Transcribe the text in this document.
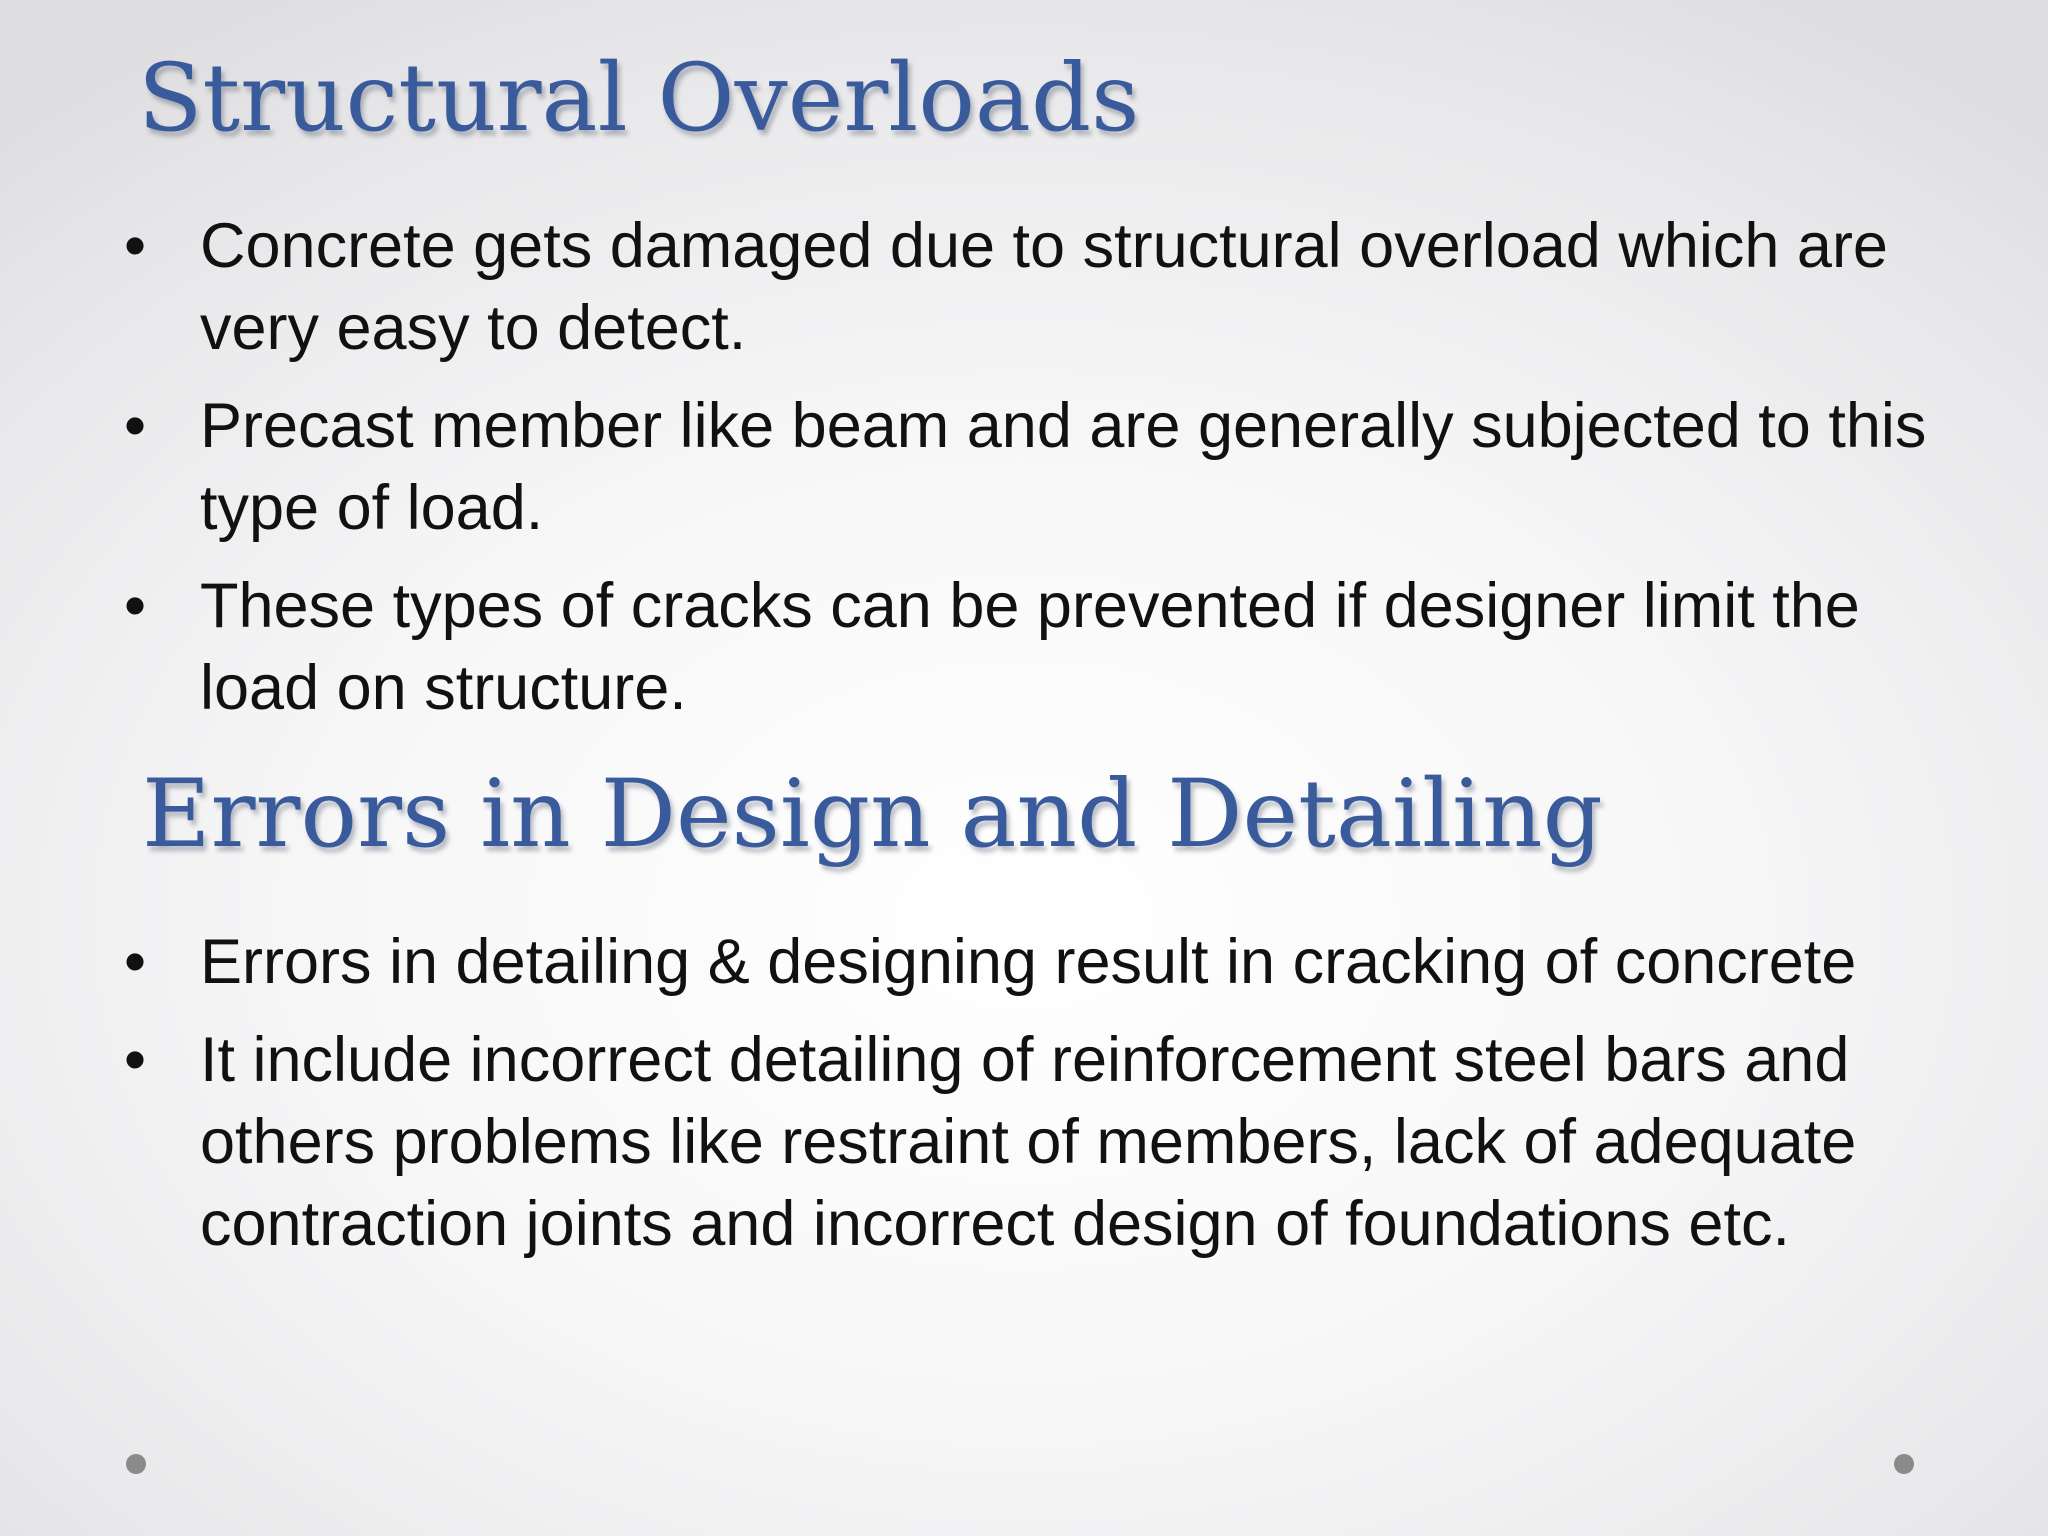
Structural Overloads
• Concrete gets damaged due to structural overload which are very easy to detect.
• Precast member like beam and are generally subjected to this type of load.
• These types of cracks can be prevented if designer limit the load on structure.
Errors in Design and Detailing
• Errors in detailing & designing result in cracking of concrete
• It include incorrect detailing of reinforcement steel bars and others problems like restraint of members, lack of adequate contraction joints and incorrect design of foundations etc.
